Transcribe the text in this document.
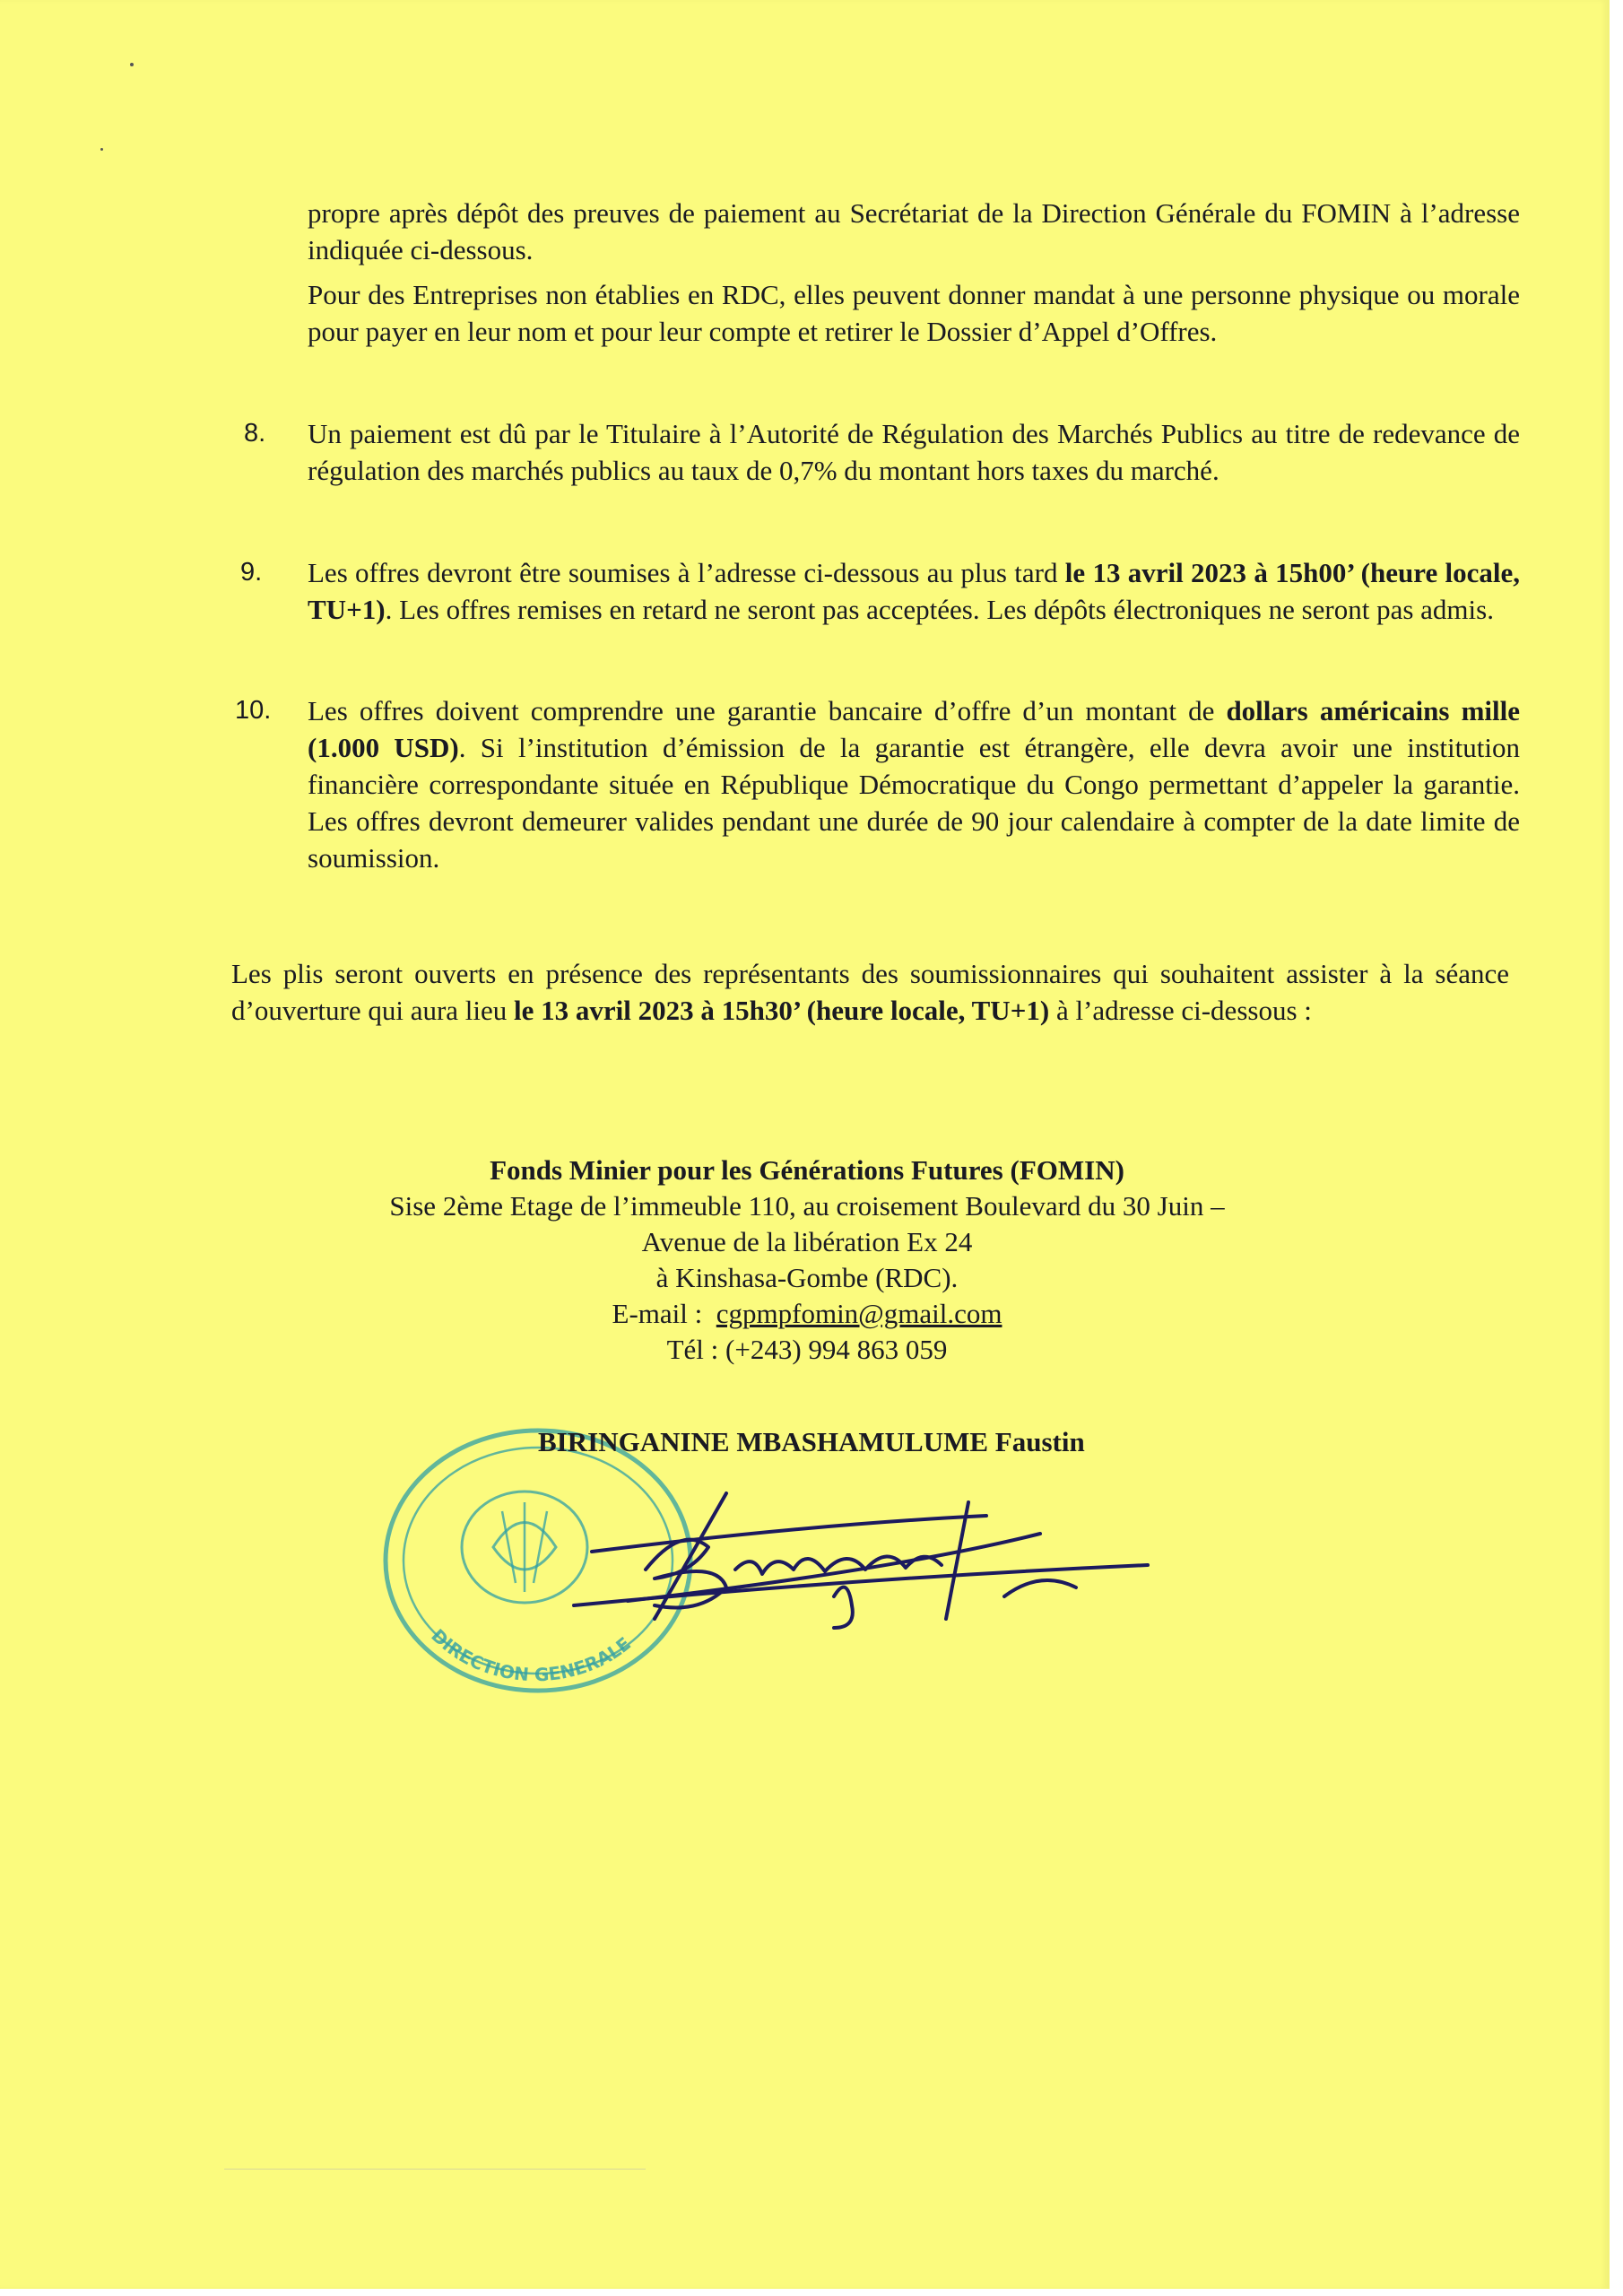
propre après dépôt des preuves de paiement au Secrétariat de la Direction Générale du FOMIN à l’adresse indiquée ci-dessous.

Pour des Entreprises non établies en RDC, elles peuvent donner mandat à une personne physique ou morale pour payer en leur nom et pour leur compte et retirer le Dossier d’Appel d’Offres.

8. Un paiement est dû par le Titulaire à l’Autorité de Régulation des Marchés Publics au titre de redevance de régulation des marchés publics au taux de 0,7% du montant hors taxes du marché.

9. Les offres devront être soumises à l’adresse ci-dessous au plus tard le 13 avril 2023 à 15h00’ (heure locale, TU+1). Les offres remises en retard ne seront pas acceptées. Les dépôts électroniques ne seront pas admis.

10. Les offres doivent comprendre une garantie bancaire d’offre d’un montant de dollars américains mille (1.000 USD). Si l’institution d’émission de la garantie est étrangère, elle devra avoir une institution financière correspondante située en République Démocratique du Congo permettant d’appeler la garantie. Les offres devront demeurer valides pendant une durée de 90 jour calendaire à compter de la date limite de soumission.

Les plis seront ouverts en présence des représentants des soumissionnaires qui souhaitent assister à la séance d’ouverture qui aura lieu le 13 avril 2023 à 15h30’ (heure locale, TU+1) à l’adresse ci-dessous :

Fonds Minier pour les Générations Futures (FOMIN)
Sise 2ème Etage de l’immeuble 110, au croisement Boulevard du 30 Juin –
Avenue de la libération Ex 24
à Kinshasa-Gombe (RDC).
E-mail : cgpmpfomin@gmail.com
Tél : (+243) 994 863 059
DIRECTION GENERALE
BIRINGANINE MBASHAMULUME Faustin
